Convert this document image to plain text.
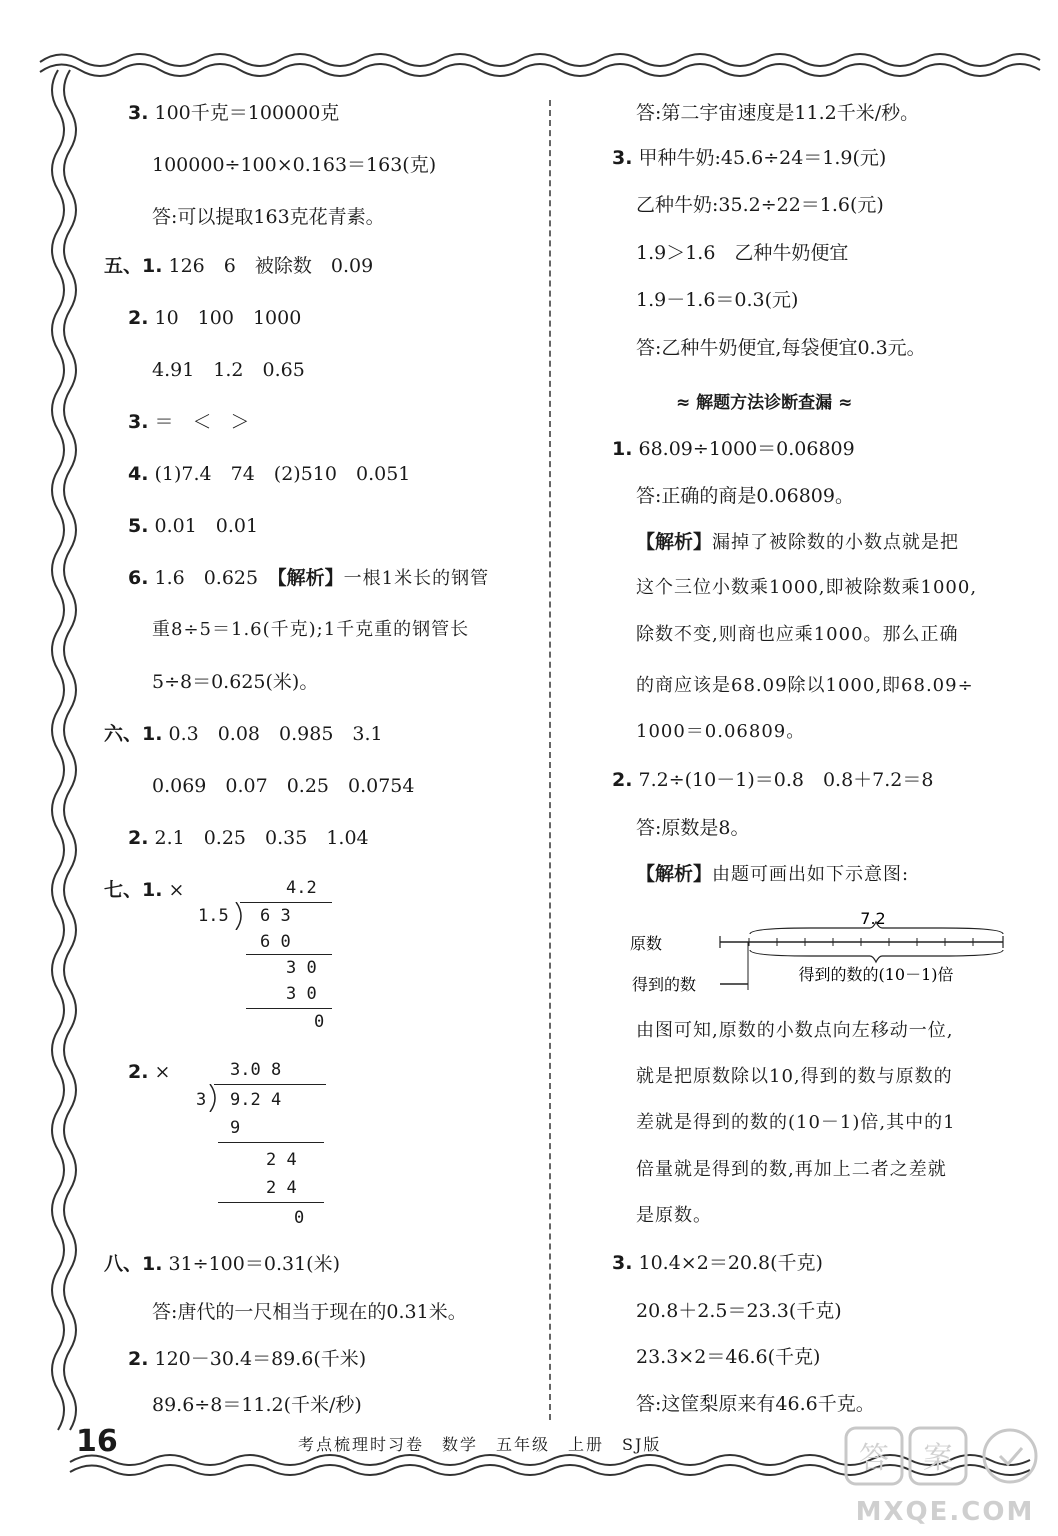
3. 100千克＝100000克
100000÷100×0.163＝163(克)
答:可以提取163克花青素。
五、1. 126　6　被除数　0.09
2. 10　100　1000
4.91　1.2　0.65
3. ＝　＜　＞
4. (1)7.4　74　(2)510　0.051
5. 0.01　0.01
6. 1.6　0.625　【解析】一根1米长的钢管
重8÷5＝1.6(千克);1千克重的钢管长
5÷8＝0.625(米)。
六、1. 0.3　0.08　0.985　3.1
0.069　0.07　0.25　0.0754
2. 2.1　0.25　0.35　1.04
七、1. ×	4.2
1.5 6 3
6 0
3 0
3 0
0
2. ×	3.0 8
3 9.2 4
9
2 4
2 4
0
八、1. 31÷100＝0.31(米)
答:唐代的一尺相当于现在的0.31米。
2. 120－30.4＝89.6(千米)
89.6÷8＝11.2(千米/秒)
答:第二宇宙速度是11.2千米/秒。
3. 甲种牛奶:45.6÷24＝1.9(元)
乙种牛奶:35.2÷22＝1.6(元)
1.9＞1.6　乙种牛奶便宜
1.9－1.6＝0.3(元)
答:乙种牛奶便宜,每袋便宜0.3元。
≈ 解题方法诊断查漏 ≈
1. 68.09÷1000＝0.06809
答:正确的商是0.06809。
【解析】漏掉了被除数的小数点就是把
这个三位小数乘1000,即被除数乘1000,
除数不变,则商也应乘1000。那么正确
的商应该是68.09除以1000,即68.09÷
1000＝0.06809。
2. 7.2÷(10－1)＝0.8　0.8＋7.2＝8
答:原数是8。
【解析】由题可画出如下示意图:
7.2
得到的数的(10－1)倍
原数
得到的数
由图可知,原数的小数点向左移动一位,
就是把原数除以10,得到的数与原数的
差就是得到的数的(10－1)倍,其中的1
倍量就是得到的数,再加上二者之差就
是原数。
3. 10.4×2＝20.8(千克)
20.8＋2.5＝23.3(千克)
23.3×2＝46.6(千克)
答:这筐梨原来有46.6千克。
16	考点梳理时习卷　数学　五年级　上册　SJ版	答 案
MXQE.COM
